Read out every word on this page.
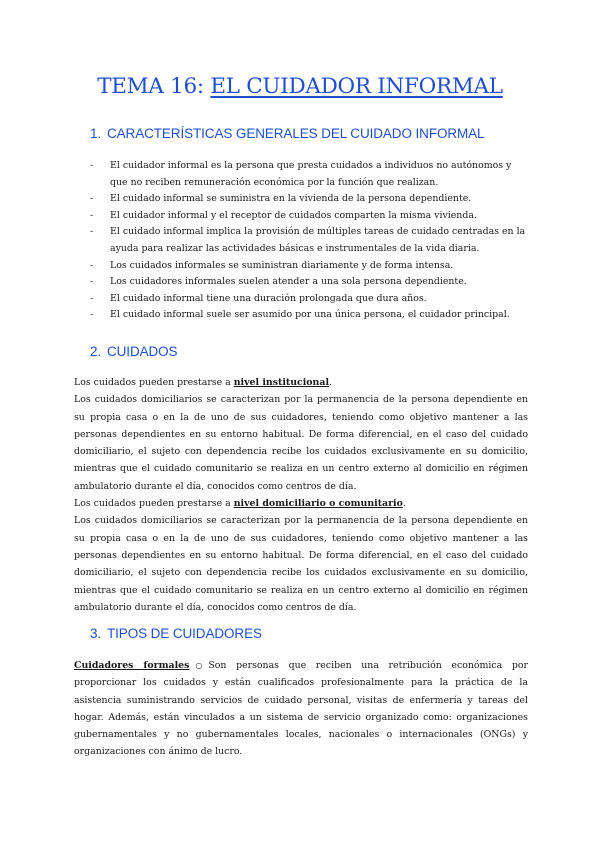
TEMA 16: EL CUIDADOR INFORMAL
1. CARACTERÍSTICAS GENERALES DEL CUIDADO INFORMAL
- El cuidador informal es la persona que presta cuidados a individuos no autónomos y que no reciben remuneración económica por la función que realizan.
- El cuidado informal se suministra en la vivienda de la persona dependiente.
- El cuidador informal y el receptor de cuidados comparten la misma vivienda.
- El cuidado informal implica la provisión de múltiples tareas de cuidado centradas en la ayuda para realizar las actividades básicas e instrumentales de la vida diaria.
- Los cuidados informales se suministran diariamente y de forma intensa.
- Los cuidadores informales suelen atender a una sola persona dependiente.
- El cuidado informal tiene una duración prolongada que dura años.
- El cuidado informal suele ser asumido por una única persona, el cuidador principal.
2. CUIDADOS

Los cuidados pueden prestarse a nivel institucional.

Los cuidados domiciliarios se caracterizan por la permanencia de la persona dependiente en su propia casa o en la de uno de sus cuidadores, teniendo como objetivo mantener a las personas dependientes en su entorno habitual. De forma diferencial, en el caso del cuidado domiciliario, el sujeto con dependencia recibe los cuidados exclusivamente en su domicilio, mientras que el cuidado comunitario se realiza en un centro externo al domicilio en régimen ambulatorio durante el día, conocidos como centros de día.

Los cuidados pueden prestarse a nivel domiciliario o comunitario.

Los cuidados domiciliarios se caracterizan por la permanencia de la persona dependiente en su propia casa o en la de uno de sus cuidadores, teniendo como objetivo mantener a las personas dependientes en su entorno habitual. De forma diferencial, en el caso del cuidado domiciliario, el sujeto con dependencia recibe los cuidados exclusivamente en su domicilio, mientras que el cuidado comunitario se realiza en un centro externo al domicilio en régimen ambulatorio durante el día, conocidos como centros de día.

3. TIPOS DE CUIDADORES

Cuidadores formales ○ Son personas que reciben una retribución económica por proporcionar los cuidados y están cualificados profesionalmente para la práctica de la asistencia suministrando servicios de cuidado personal, visitas de enfermería y tareas del hogar. Además, están vinculados a un sistema de servicio organizado como: organizaciones gubernamentales y no gubernamentales locales, nacionales o internacionales (ONGs) y organizaciones con ánimo de lucro.
